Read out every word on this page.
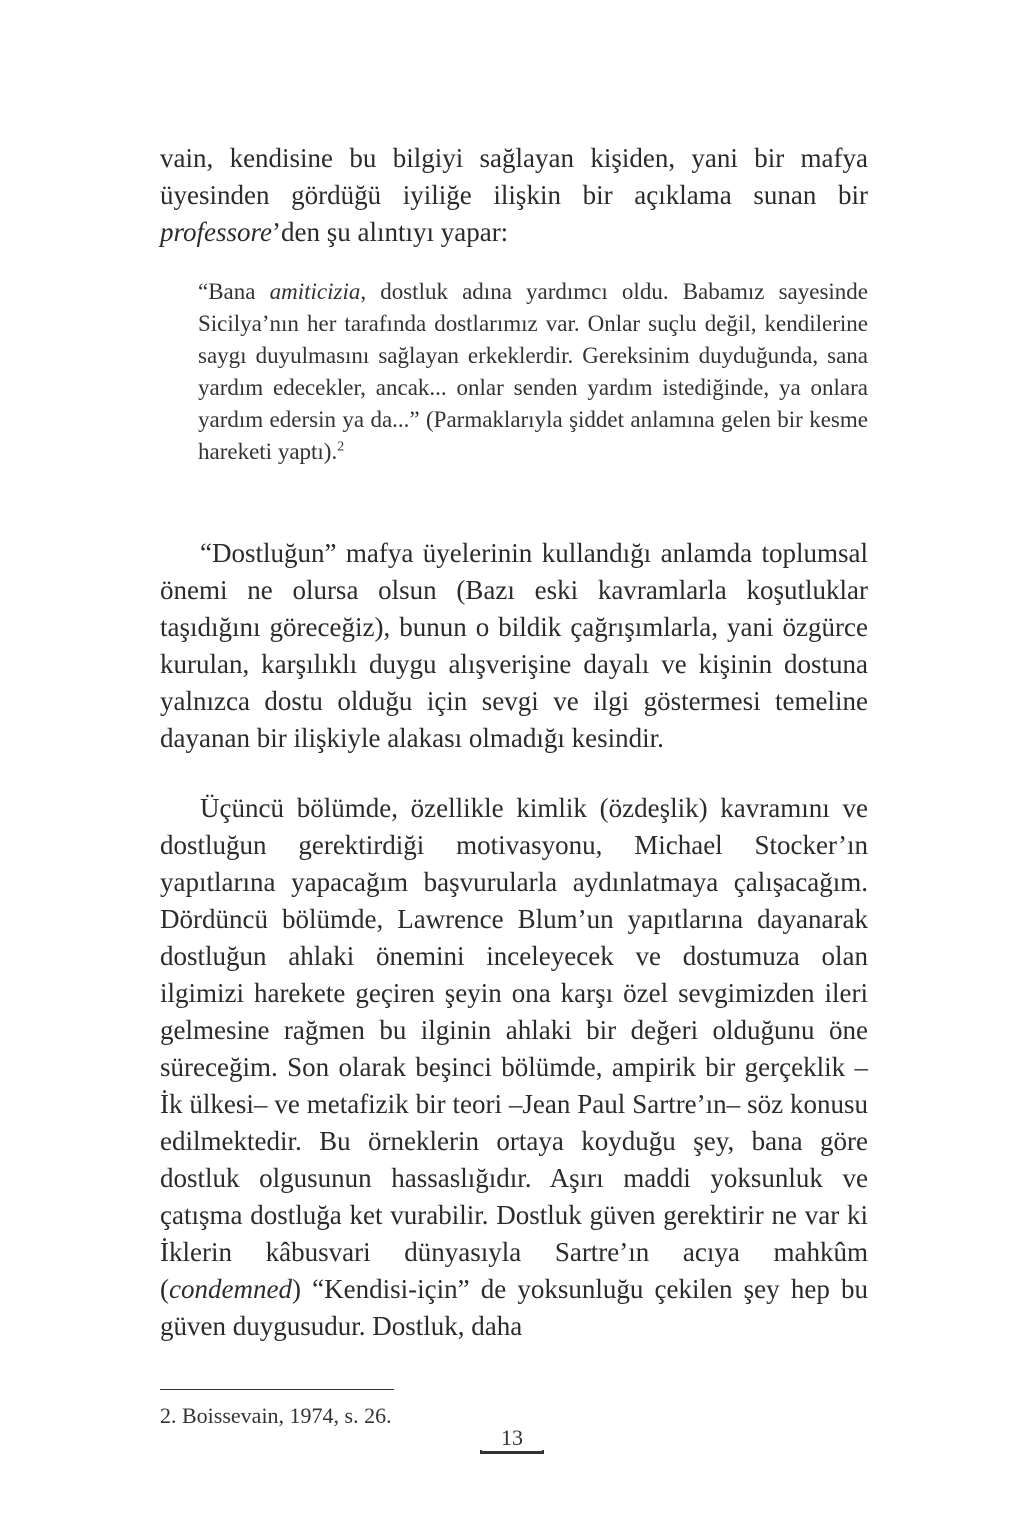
vain, kendisine bu bilgiyi sağlayan kişiden, yani bir mafya üyesinden gördüğü iyiliğe ilişkin bir açıklama sunan bir professore’den şu alıntıyı yapar:

“Bana amiticizia, dostluk adına yardımcı oldu. Babamız sayesinde Sicilya’nın her tarafında dostlarımız var. Onlar suçlu değil, kendilerine saygı duyulmasını sağlayan erkeklerdir. Gereksinim duyduğunda, sana yardım edecekler, ancak... onlar senden yardım istediğinde, ya onlara yardım edersin ya da...” (Parmaklarıyla şiddet anlamına gelen bir kesme hareketi yaptı).$^2$

“Dostluğun” mafya üyelerinin kullandığı anlamda toplumsal önemi ne olursa olsun (Bazı eski kavramlarla koşutluklar taşıdığını göreceğiz), bunun o bildik çağrışımlarla, yani özgürce kurulan, karşılıklı duygu alışverişine dayalı ve kişinin dostuna yalnızca dostu olduğu için sevgi ve ilgi göstermesi temeline dayanan bir ilişkiyle alakası olmadığı kesindir.

Üçüncü bölümde, özellikle kimlik (özdeşlik) kavramını ve dostluğun gerektirdiği motivasyonu, Michael Stocker’ın yapıtlarına yapacağım başvurularla aydınlatmaya çalışacağım. Dördüncü bölümde, Lawrence Blum’un yapıtlarına dayanarak dostluğun ahlaki önemini inceleyecek ve dostumuza olan ilgimizi harekete geçiren şeyin ona karşı özel sevgimizden ileri gelmesine rağmen bu ilginin ahlaki bir değeri olduğunu öne süreceğim. Son olarak beşinci bölümde, ampirik bir gerçeklik –İk ülkesi– ve metafizik bir teori –Jean Paul Sartre’ın– söz konusu edilmektedir. Bu örneklerin ortaya koyduğu şey, bana göre dostluk olgusunun hassaslığıdır. Aşırı maddi yoksunluk ve çatışma dostluğa ket vurabilir. Dostluk güven gerektirir ne var ki İklerin kâbusvari dünyasıyla Sartre’ın acıya mahkûm (condemned) “Kendisi-için” de yoksunluğu çekilen şey hep bu güven duygusudur. Dostluk, daha

2. Boissevain, 1974, s. 26.

13
